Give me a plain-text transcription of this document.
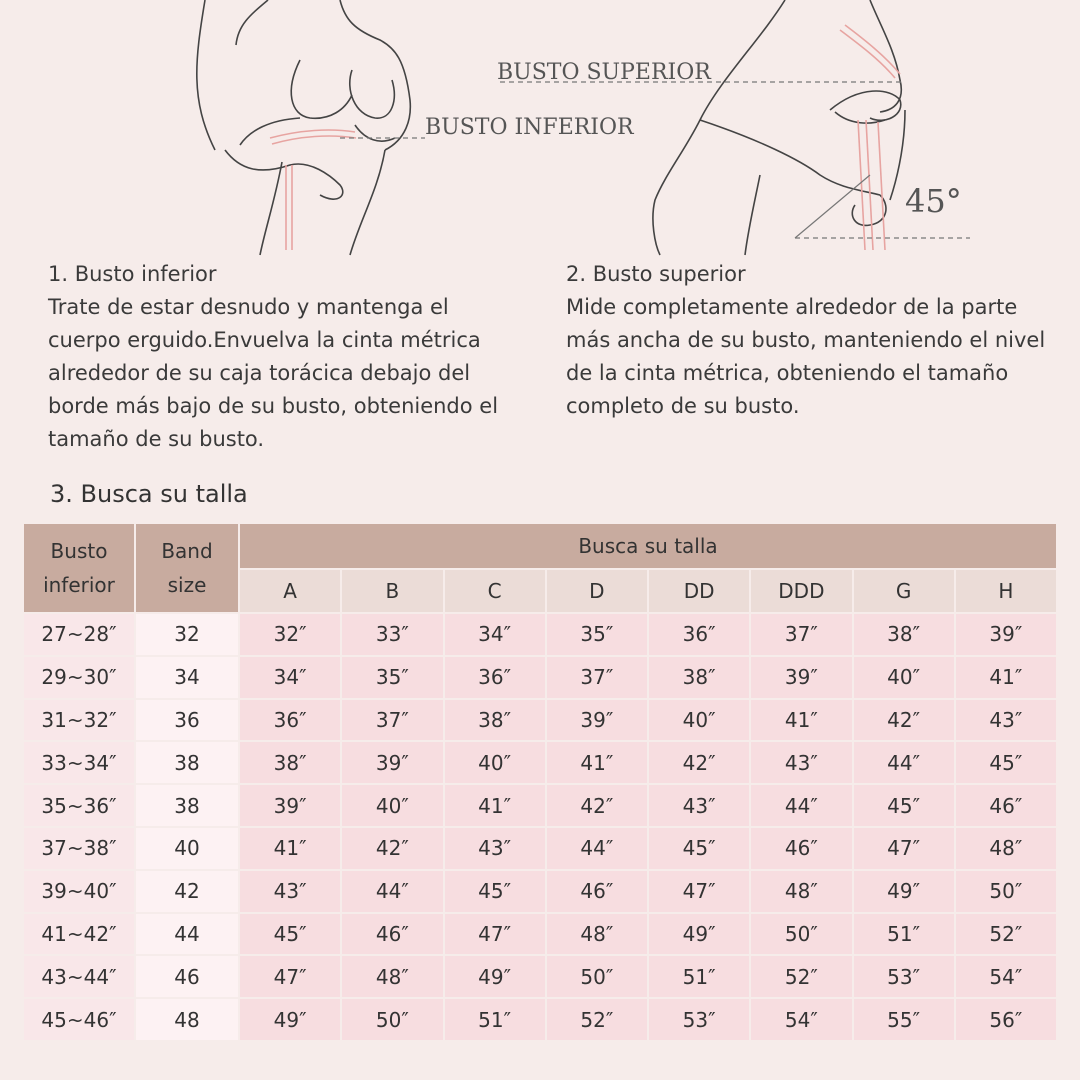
BUSTO INFERIOR
BUSTO SUPERIOR
45°
1. Busto inferior
Trate de estar desnudo y mantenga el cuerpo erguido.Envuelva la cinta métrica alrededor de su caja torácica debajo del borde más bajo de su busto, obteniendo el tamaño de su busto.
2. Busto superior
Mide completamente alrededor de la parte más ancha de su busto, manteniendo el nivel de la cinta métrica, obteniendo el tamaño completo de su busto.
3. Busca su talla
Busto inferior	Band size	Busca su talla							
		A	B	C	D	DD	DDD	G	H
27~28″	32	32″	33″	34″	35″	36″	37″	38″	39″
29~30″	34	34″	35″	36″	37″	38″	39″	40″	41″
31~32″	36	36″	37″	38″	39″	40″	41″	42″	43″
33~34″	38	38″	39″	40″	41″	42″	43″	44″	45″
35~36″	38	39″	40″	41″	42″	43″	44″	45″	46″
37~38″	40	41″	42″	43″	44″	45″	46″	47″	48″
39~40″	42	43″	44″	45″	46″	47″	48″	49″	50″
41~42″	44	45″	46″	47″	48″	49″	50″	51″	52″
43~44″	46	47″	48″	49″	50″	51″	52″	53″	54″
45~46″	48	49″	50″	51″	52″	53″	54″	55″	56″
